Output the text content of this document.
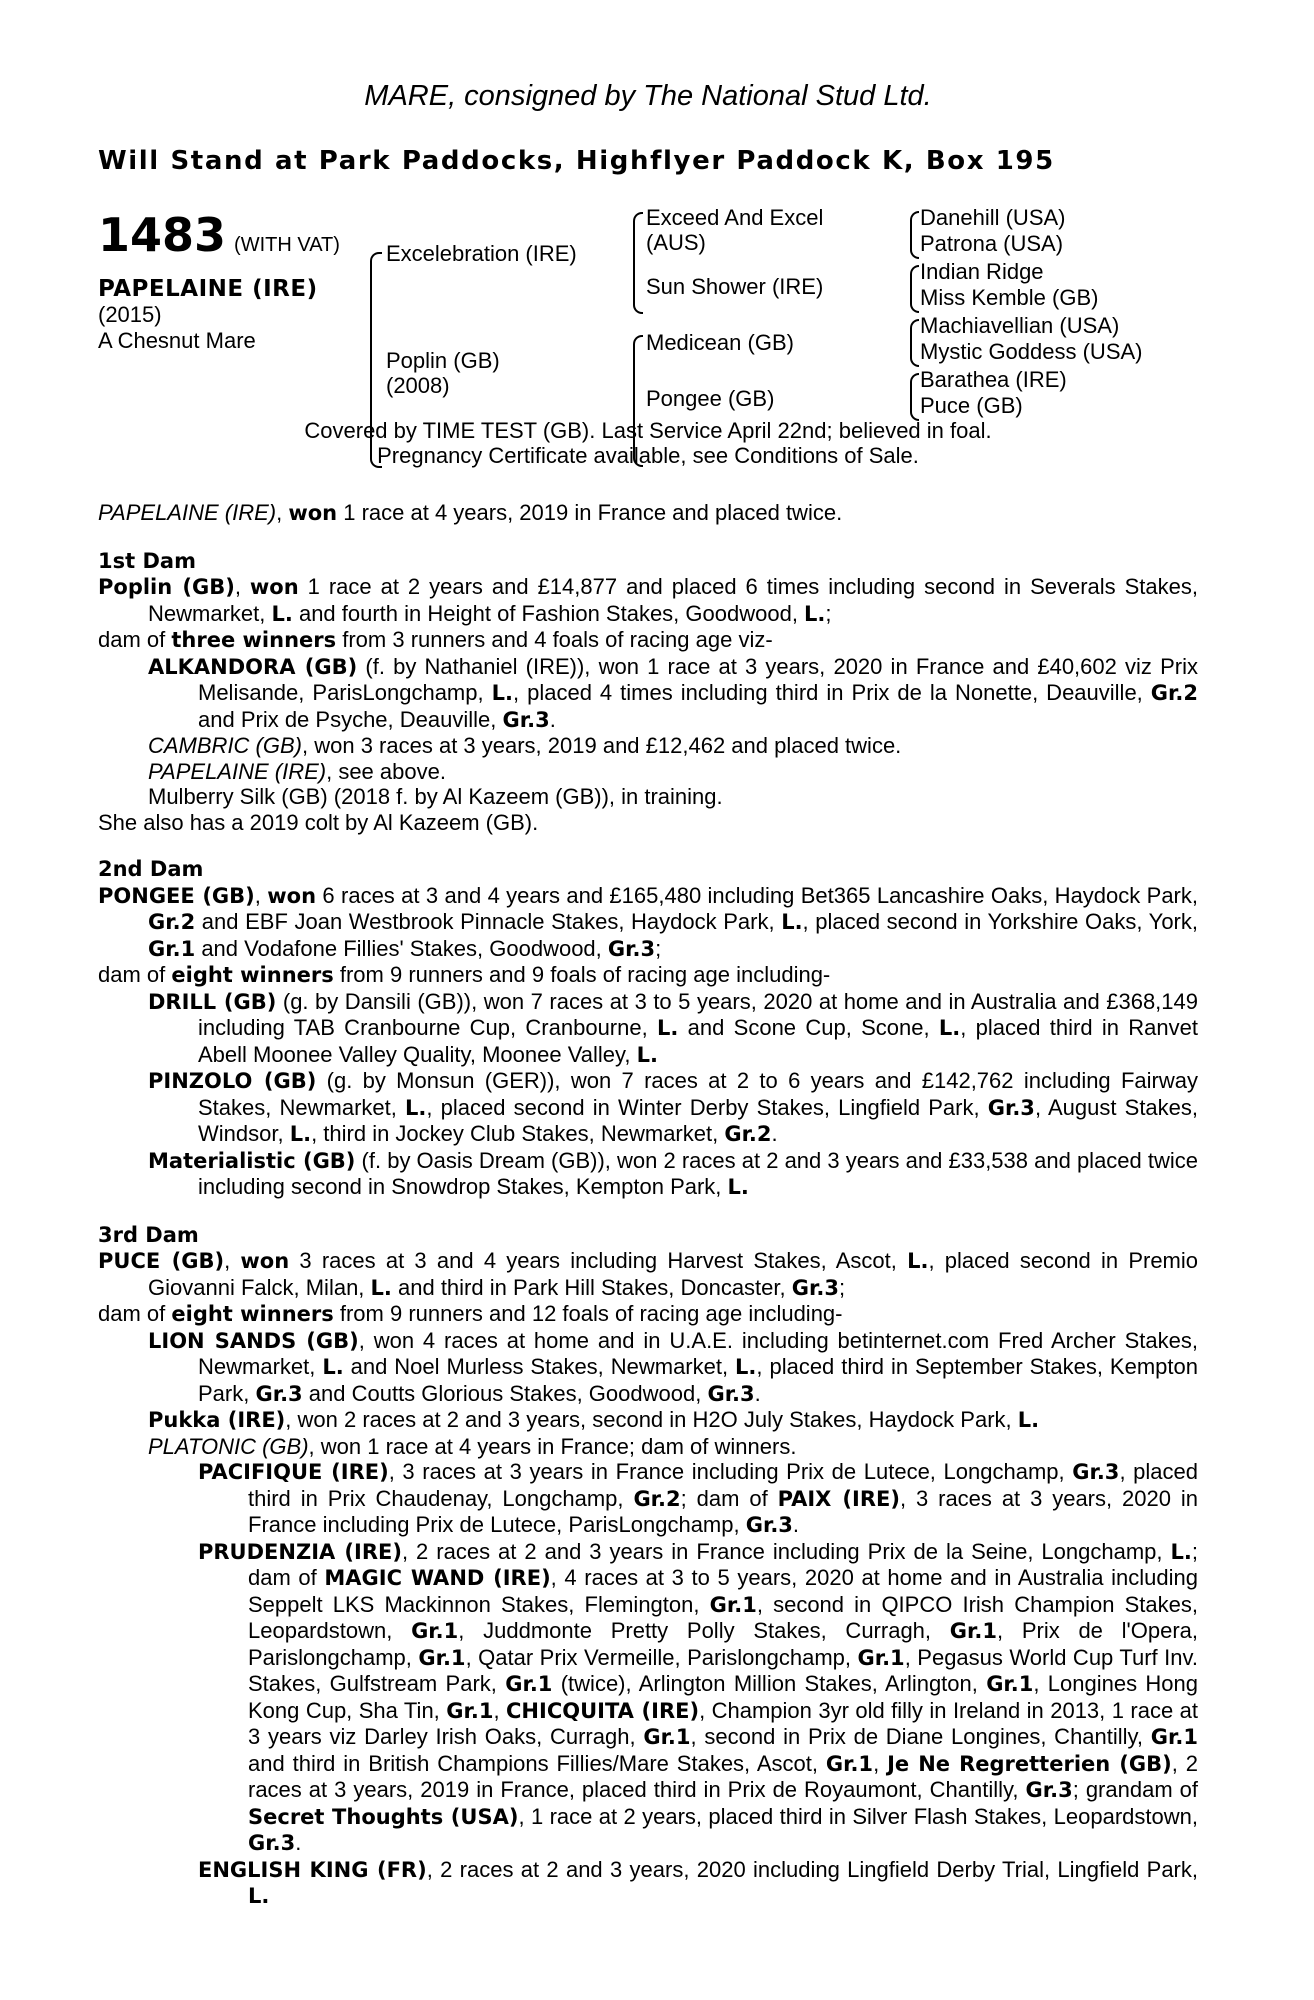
MARE, consigned by The National Stud Ltd.
Will Stand at Park Paddocks, Highflyer Paddock K, Box 195
1483 (WITH VAT)
PAPELAINE (IRE)
(2015)
A Chesnut Mare
Excelebration (IRE)
Poplin (GB)
(2008)
Exceed And Excel
(AUS)
Sun Shower (IRE)
Medicean (GB)
Pongee (GB)
Danehill (USA)
Patrona (USA)
Indian Ridge
Miss Kemble (GB)
Machiavellian (USA)
Mystic Goddess (USA)
Barathea (IRE)
Puce (GB)
Covered by TIME TEST (GB). Last Service April 22nd; believed in foal.
Pregnancy Certificate available, see Conditions of Sale.

PAPELAINE (IRE), won 1 race at 4 years, 2019 in France and placed twice.

1st Dam

Poplin (GB), won 1 race at 2 years and £14,877 and placed 6 times including second in Severals Stakes, Newmarket, L. and fourth in Height of Fashion Stakes, Goodwood, L.;

dam of three winners from 3 runners and 4 foals of racing age viz-

ALKANDORA (GB) (f. by Nathaniel (IRE)), won 1 race at 3 years, 2020 in France and £40,602 viz Prix Melisande, ParisLongchamp, L., placed 4 times including third in Prix de la Nonette, Deauville, Gr.2 and Prix de Psyche, Deauville, Gr.3.

CAMBRIC (GB), won 3 races at 3 years, 2019 and £12,462 and placed twice.

PAPELAINE (IRE), see above.

Mulberry Silk (GB) (2018 f. by Al Kazeem (GB)), in training.

She also has a 2019 colt by Al Kazeem (GB).

2nd Dam

PONGEE (GB), won 6 races at 3 and 4 years and £165,480 including Bet365 Lancashire Oaks, Haydock Park, Gr.2 and EBF Joan Westbrook Pinnacle Stakes, Haydock Park, L., placed second in Yorkshire Oaks, York, Gr.1 and Vodafone Fillies' Stakes, Goodwood, Gr.3;

dam of eight winners from 9 runners and 9 foals of racing age including-

DRILL (GB) (g. by Dansili (GB)), won 7 races at 3 to 5 years, 2020 at home and in Australia and £368,149 including TAB Cranbourne Cup, Cranbourne, L. and Scone Cup, Scone, L., placed third in Ranvet Abell Moonee Valley Quality, Moonee Valley, L.

PINZOLO (GB) (g. by Monsun (GER)), won 7 races at 2 to 6 years and £142,762 including Fairway Stakes, Newmarket, L., placed second in Winter Derby Stakes, Lingfield Park, Gr.3, August Stakes, Windsor, L., third in Jockey Club Stakes, Newmarket, Gr.2.

Materialistic (GB) (f. by Oasis Dream (GB)), won 2 races at 2 and 3 years and £33,538 and placed twice including second in Snowdrop Stakes, Kempton Park, L.

3rd Dam

PUCE (GB), won 3 races at 3 and 4 years including Harvest Stakes, Ascot, L., placed second in Premio Giovanni Falck, Milan, L. and third in Park Hill Stakes, Doncaster, Gr.3;

dam of eight winners from 9 runners and 12 foals of racing age including-

LION SANDS (GB), won 4 races at home and in U.A.E. including betinternet.com Fred Archer Stakes, Newmarket, L. and Noel Murless Stakes, Newmarket, L., placed third in September Stakes, Kempton Park, Gr.3 and Coutts Glorious Stakes, Goodwood, Gr.3.

Pukka (IRE), won 2 races at 2 and 3 years, second in H2O July Stakes, Haydock Park, L.

PLATONIC (GB), won 1 race at 4 years in France; dam of winners.

PACIFIQUE (IRE), 3 races at 3 years in France including Prix de Lutece, Longchamp, Gr.3, placed third in Prix Chaudenay, Longchamp, Gr.2; dam of PAIX (IRE), 3 races at 3 years, 2020 in France including Prix de Lutece, ParisLongchamp, Gr.3.

PRUDENZIA (IRE), 2 races at 2 and 3 years in France including Prix de la Seine, Longchamp, L.; dam of MAGIC WAND (IRE), 4 races at 3 to 5 years, 2020 at home and in Australia including Seppelt LKS Mackinnon Stakes, Flemington, Gr.1, second in QIPCO Irish Champion Stakes, Leopardstown, Gr.1, Juddmonte Pretty Polly Stakes, Curragh, Gr.1, Prix de l'Opera, Parislongchamp, Gr.1, Qatar Prix Vermeille, Parislongchamp, Gr.1, Pegasus World Cup Turf Inv. Stakes, Gulfstream Park, Gr.1 (twice), Arlington Million Stakes, Arlington, Gr.1, Longines Hong Kong Cup, Sha Tin, Gr.1, CHICQUITA (IRE), Champion 3yr old filly in Ireland in 2013, 1 race at 3 years viz Darley Irish Oaks, Curragh, Gr.1, second in Prix de Diane Longines, Chantilly, Gr.1 and third in British Champions Fillies/Mare Stakes, Ascot, Gr.1, Je Ne Regretterien (GB), 2 races at 3 years, 2019 in France, placed third in Prix de Royaumont, Chantilly, Gr.3; grandam of Secret Thoughts (USA), 1 race at 2 years, placed third in Silver Flash Stakes, Leopardstown, Gr.3.

ENGLISH KING (FR), 2 races at 2 and 3 years, 2020 including Lingfield Derby Trial, Lingfield Park, L.
